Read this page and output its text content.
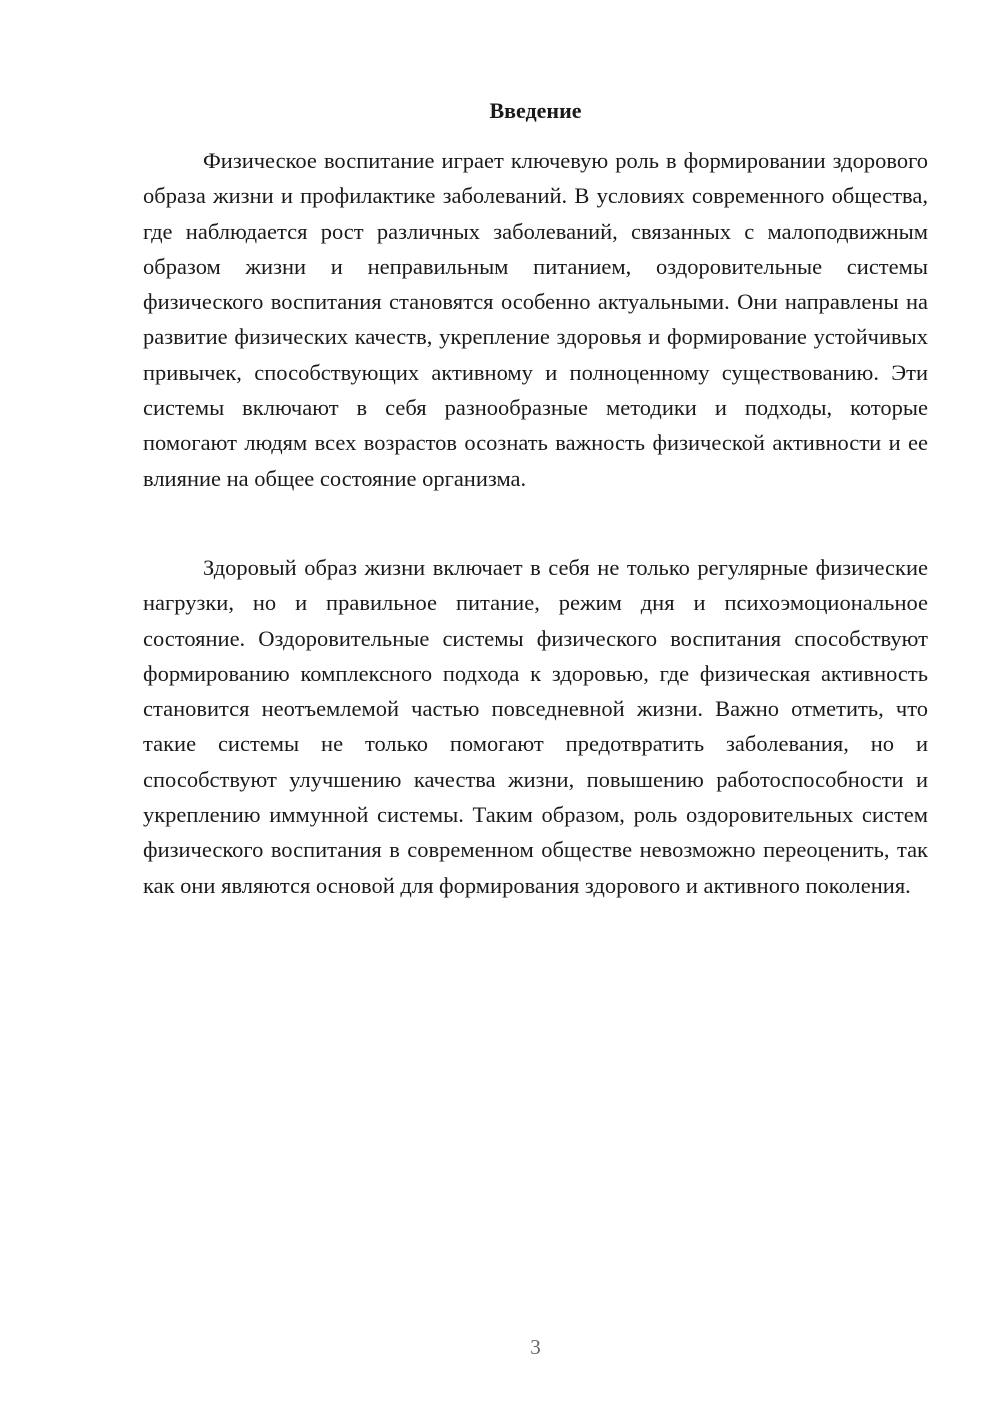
Введение

Физическое воспитание играет ключевую роль в формировании здорового образа жизни и профилактике заболеваний. В условиях современного общества, где наблюдается рост различных заболеваний, связанных с малоподвижным образом жизни и неправильным питанием, оздоровительные системы физического воспитания становятся особенно актуальными. Они направлены на развитие физических качеств, укрепление здоровья и формирование устойчивых привычек, способствующих активному и полноценному существованию. Эти системы включают в себя разнообразные методики и подходы, которые помогают людям всех возрастов осознать важность физической активности и ее влияние на общее состояние организма.

Здоровый образ жизни включает в себя не только регулярные физические нагрузки, но и правильное питание, режим дня и психоэмоциональное состояние. Оздоровительные системы физического воспитания способствуют формированию комплексного подхода к здоровью, где физическая активность становится неотъемлемой частью повседневной жизни. Важно отметить, что такие системы не только помогают предотвратить заболевания, но и способствуют улучшению качества жизни, повышению работоспособности и укреплению иммунной системы. Таким образом, роль оздоровительных систем физического воспитания в современном обществе невозможно переоценить, так как они являются основой для формирования здорового и активного поколения.

3
